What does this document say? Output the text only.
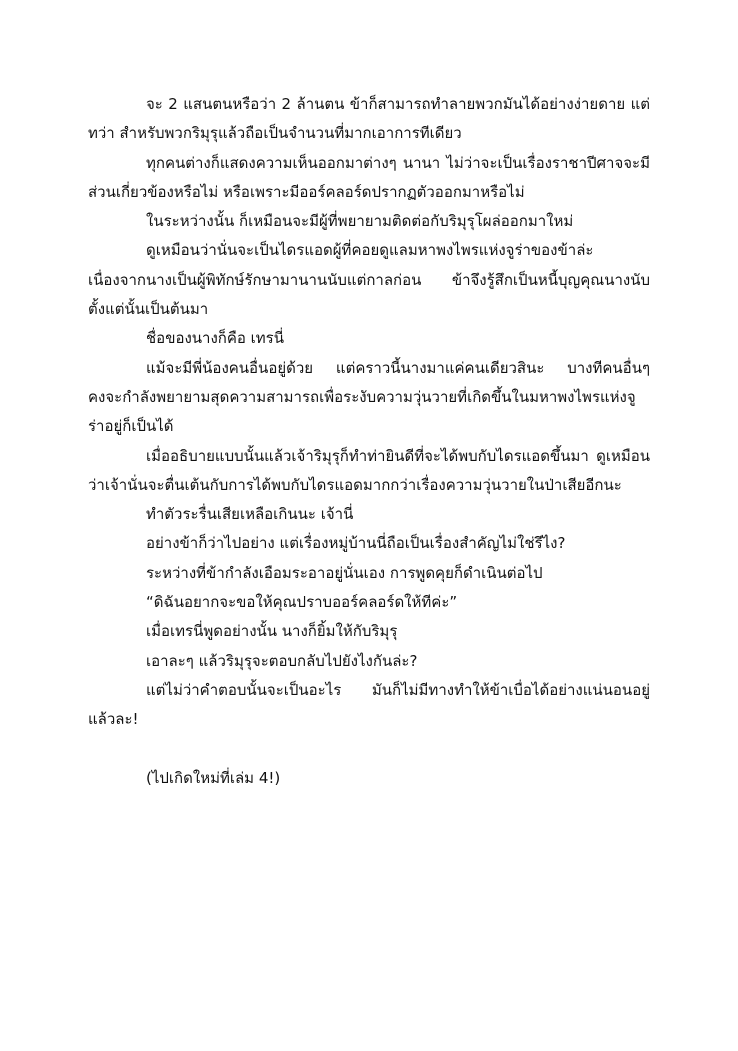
จะ 2 แสนตนหรือว่า 2 ล้านตน ข้าก็สามารถทำลายพวกมันได้อย่างง่ายดาย แต่ทว่า สำหรับพวกริมุรุแล้วถือเป็นจำนวนที่มากเอาการทีเดียว

ทุกคนต่างก็แสดงความเห็นออกมาต่างๆ นานา ไม่ว่าจะเป็นเรื่องราชาปีศาจจะมีส่วนเกี่ยวข้องหรือไม่ หรือเพราะมีออร์คลอร์ดปรากฏตัวออกมาหรือไม่

ในระหว่างนั้น ก็เหมือนจะมีผู้ที่พยายามติดต่อกับริมุรุโผล่ออกมาใหม่

ดูเหมือนว่านั่นจะเป็นไดรแอดผู้ที่คอยดูแลมหาพงไพรแห่งจูร่าของข้าล่ะ เนื่องจากนางเป็นผู้พิทักษ์รักษามานานนับแต่กาลก่อน ข้าจึงรู้สึกเป็นหนี้บุญคุณนางนับตั้งแต่นั้นเป็นต้นมา

ชื่อของนางก็คือ เทรนี่

แม้จะมีพี่น้องคนอื่นอยู่ด้วย แต่คราวนี้นางมาแค่คนเดียวสินะ บางทีคนอื่นๆ คงจะกำลังพยายามสุดความสามารถเพื่อระงับความวุ่นวายที่เกิดขึ้นในมหาพงไพรแห่งจูร่าอยู่ก็เป็นได้

เมื่ออธิบายแบบนั้นแล้วเจ้าริมุรุก็ทำท่ายินดีที่จะได้พบกับไดรแอดขึ้นมา ดูเหมือนว่าเจ้านั่นจะตื่นเต้นกับการได้พบกับไดรแอดมากกว่าเรื่องความวุ่นวายในป่าเสียอีกนะ

ทำตัวระรื่นเสียเหลือเกินนะ เจ้านี่

อย่างข้าก็ว่าไปอย่าง แต่เรื่องหมู่บ้านนี่ถือเป็นเรื่องสำคัญไม่ใช่รึไง?

ระหว่างที่ข้ากำลังเอือมระอาอยู่นั่นเอง การพูดคุยก็ดำเนินต่อไป

“ดิฉันอยากจะขอให้คุณปราบออร์คลอร์ดให้ทีค่ะ”

เมื่อเทรนี่พูดอย่างนั้น นางก็ยิ้มให้กับริมุรุ

เอาละๆ แล้วริมุรุจะตอบกลับไปยังไงกันล่ะ?

แต่ไม่ว่าคำตอบนั้นจะเป็นอะไร มันก็ไม่มีทางทำให้ข้าเบื่อได้อย่างแน่นอนอยู่แล้วละ!

(ไปเกิดใหม่ที่เล่ม 4!)
